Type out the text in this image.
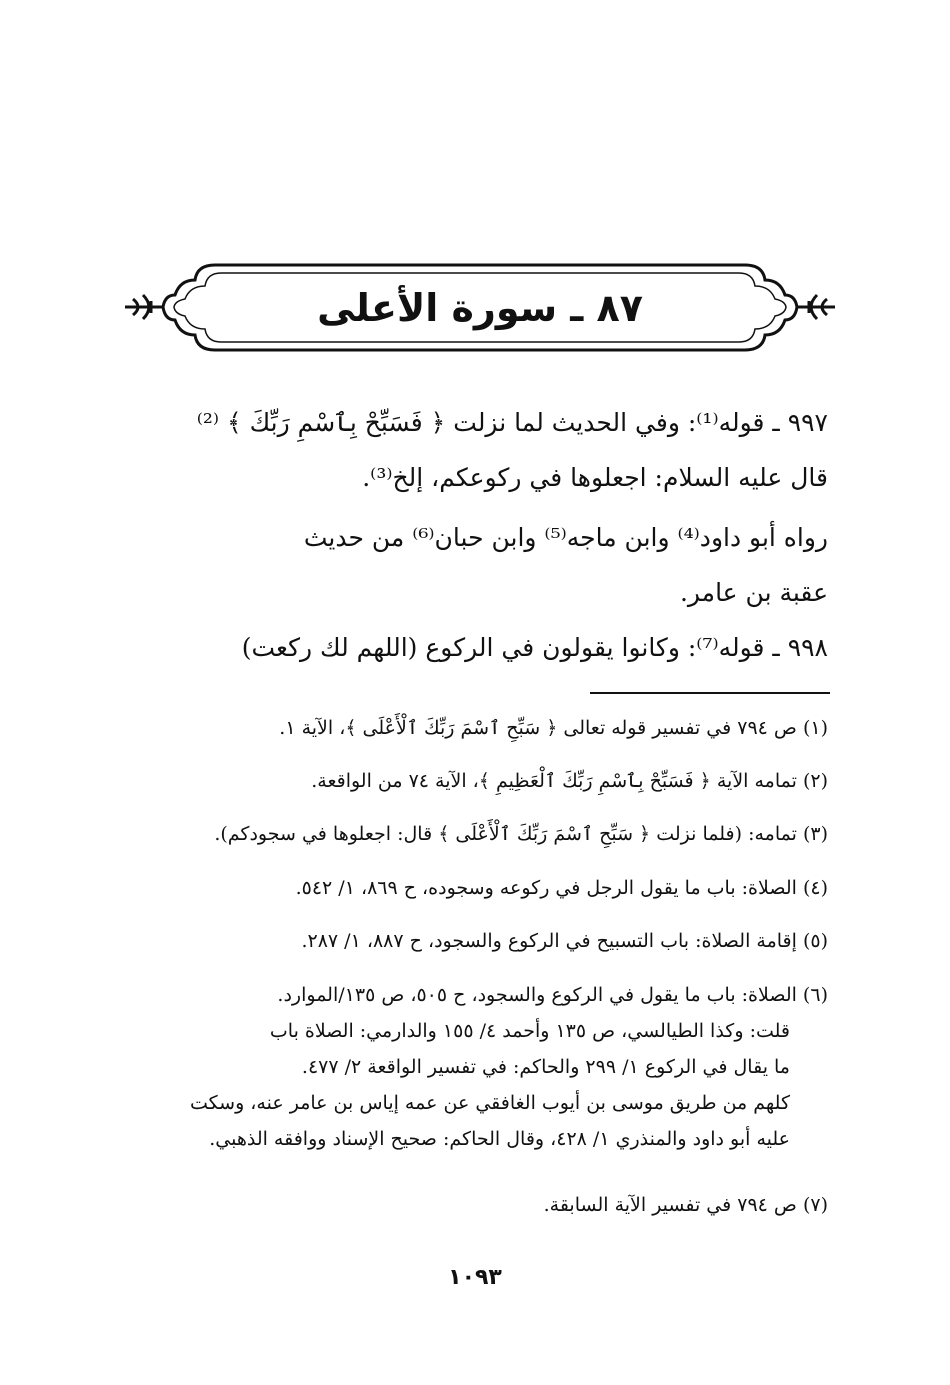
٨٧ ـ سورة الأعلى
٩٩٧ ـ قوله⁽¹⁾: وفي الحديث لما نزلت ﴿ فَسَبِّحْ بِٱسْمِ رَبِّكَ ﴾ ⁽²⁾
قال عليه السلام: اجعلوها في ركوعكم، إلخ⁽³⁾.
رواه أبو داود⁽⁴⁾ وابن ماجه⁽⁵⁾ وابن حبان⁽⁶⁾ من حديث
عقبة بن عامر.
٩٩٨ ـ قوله⁽⁷⁾: وكانوا يقولون في الركوع (اللهم لك ركعت)
(١) ص ٧٩٤ في تفسير قوله تعالى ﴿ سَبِّحِ ٱسْمَ رَبِّكَ ٱلْأَعْلَى ﴾، الآية ١.
(٢) تمامه الآية ﴿ فَسَبِّحْ بِٱسْمِ رَبِّكَ ٱلْعَظِيمِ ﴾، الآية ٧٤ من الواقعة.
(٣) تمامه: (فلما نزلت ﴿ سَبِّحِ ٱسْمَ رَبِّكَ ٱلْأَعْلَى ﴾ قال: اجعلوها في سجودكم).
(٤) الصلاة: باب ما يقول الرجل في ركوعه وسجوده، ح ٨٦٩، ١/ ٥٤٢.
(٥) إقامة الصلاة: باب التسبيح في الركوع والسجود، ح ٨٨٧، ١/ ٢٨٧.
(٦) الصلاة: باب ما يقول في الركوع والسجود، ح ٥٠٥، ص ١٣٥/الموارد.
قلت: وكذا الطيالسي، ص ١٣٥ وأحمد ٤/ ١٥٥ والدارمي: الصلاة باب
ما يقال في الركوع ١/ ٢٩٩ والحاكم: في تفسير الواقعة ٢/ ٤٧٧.
كلهم من طريق موسى بن أيوب الغافقي عن عمه إياس بن عامر عنه، وسكت
عليه أبو داود والمنذري ١/ ٤٢٨، وقال الحاكم: صحيح الإسناد ووافقه الذهبي.
(٧) ص ٧٩٤ في تفسير الآية السابقة.
١٠٩٣
